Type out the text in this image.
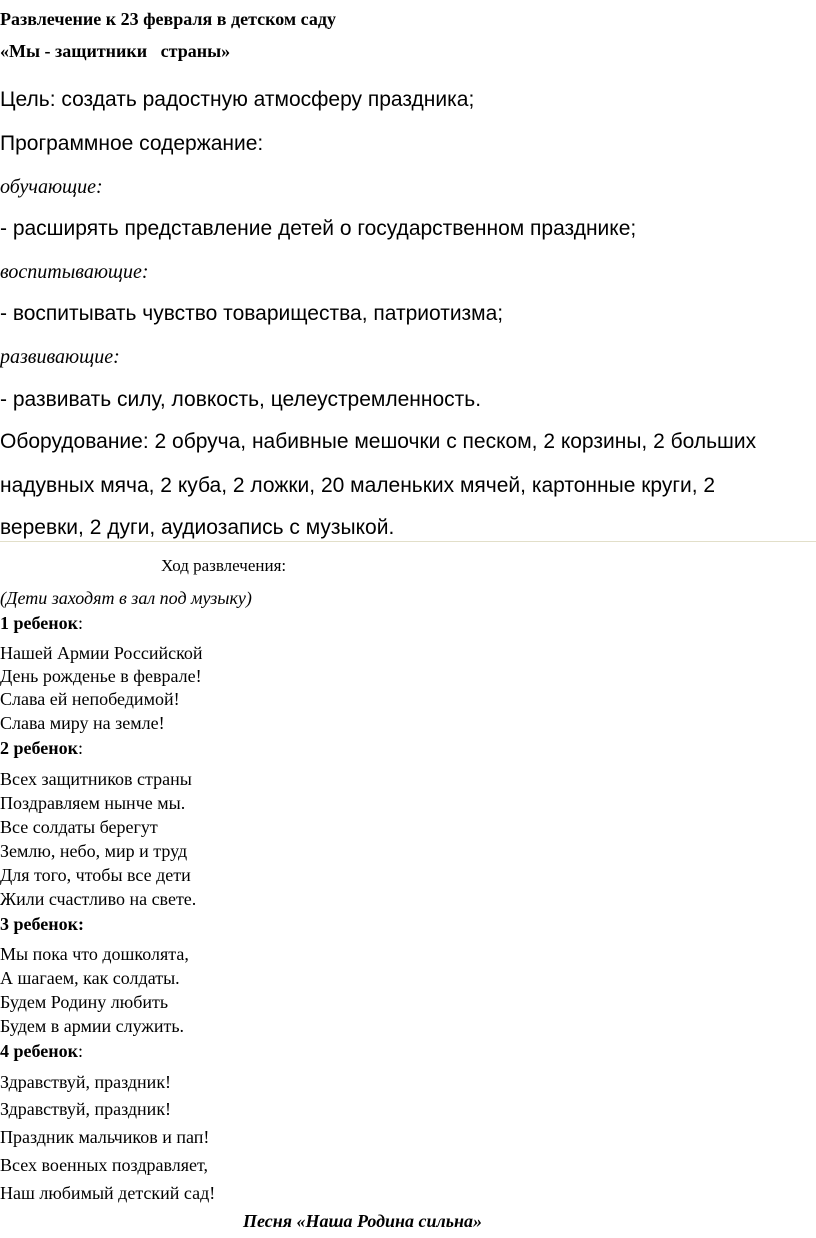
Развлечение к 23 февраля в детском саду
«Мы - защитники   страны»
Цель: создать радостную атмосферу праздника;
Программное содержание:
обучающие:
- расширять представление детей о государственном празднике;
воспитывающие:
- воспитывать чувство товарищества, патриотизма;
развивающие:
- развивать силу, ловкость, целеустремленность.
Оборудование: 2 обруча, набивные мешочки с песком, 2 корзины, 2 больших
надувных мяча, 2 куба, 2 ложки, 20 маленьких мячей, картонные круги, 2
веревки, 2 дуги, аудиозапись с музыкой.
Ход развлечения:
(Дети заходят в зал под музыку)
1 ребенок:
Нашей Армии Российской
День рожденье в феврале!
Слава ей непобедимой!
Слава миру на земле!
2 ребенок:
Всех защитников страны
Поздравляем нынче мы.
Все солдаты берегут
Землю, небо, мир и труд
Для того, чтобы все дети
Жили счастливо на свете.
3 ребенок:
Мы пока что дошколята,
А шагаем, как солдаты.
Будем Родину любить
Будем в армии служить.
4 ребенок:
Здравствуй, праздник!
Здравствуй, праздник!
Праздник мальчиков и пап!
Всех военных поздравляет,
Наш любимый детский сад!
Песня «Наша Родина сильна»
